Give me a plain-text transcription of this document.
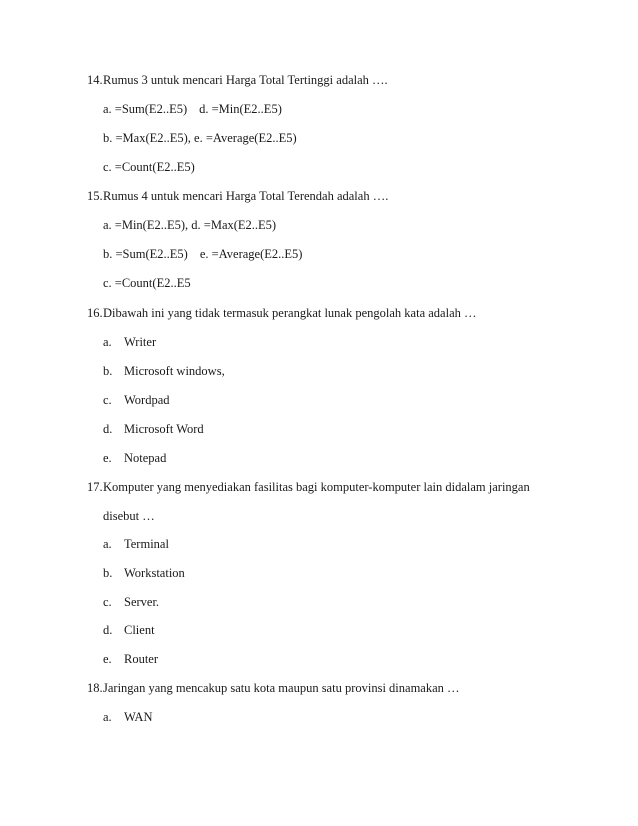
14. Rumus 3 untuk mencari Harga Total Tertinggi adalah ….
a. =Sum(E2..E5) d. =Min(E2..E5)
b. =Max(E2..E5), e. =Average(E2..E5)
c. =Count(E2..E5)
15. Rumus 4 untuk mencari Harga Total Terendah adalah ….
a. =Min(E2..E5), d. =Max(E2..E5)
b. =Sum(E2..E5) e. =Average(E2..E5)
c. =Count(E2..E5
16. Dibawah ini yang tidak termasuk perangkat lunak pengolah kata adalah …
a. Writer
b. Microsoft windows,
c. Wordpad
d. Microsoft Word
e. Notepad
17. Komputer yang menyediakan fasilitas bagi komputer-komputer lain didalam jaringan
disebut …
a. Terminal
b. Workstation
c. Server.
d. Client
e. Router
18. Jaringan yang mencakup satu kota maupun satu provinsi dinamakan …
a. WAN
